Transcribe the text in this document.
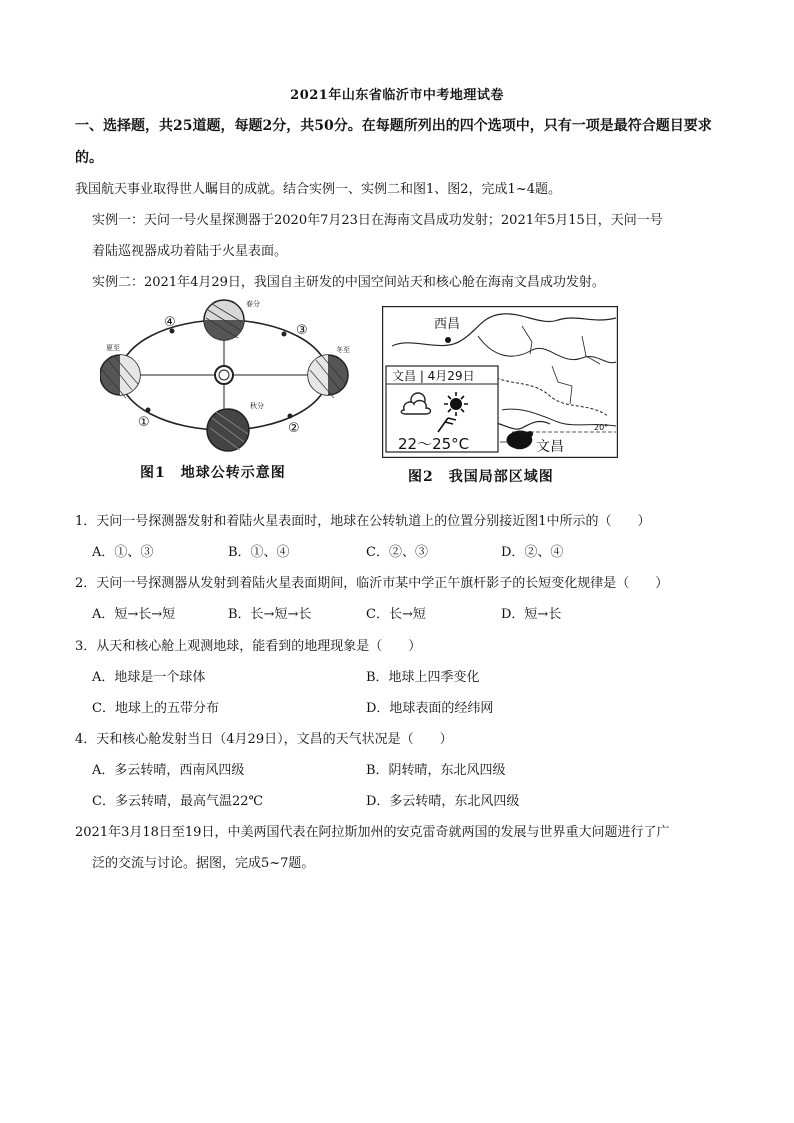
2021年山东省临沂市中考地理试卷
一、选择题，共25道题，每题2分，共50分。在每题所列出的四个选项中，只有一项是最符合题目要求的。
我国航天事业取得世人瞩目的成就。结合实例一、实例二和图1、图2，完成1~4题。
实例一：天问一号火星探测器于2020年7月23日在海南文昌成功发射；2021年5月15日，天问一号
着陆巡视器成功着陆于火星表面。
实例二：2021年4月29日，我国自主研发的中国空间站天和核心舱在海南文昌成功发射。
④
③
①	②
春分
夏至	冬至
秋分
图1　地球公转示意图
20°
西昌
文昌
文昌 | 4月29日
22～25°C
图2　我国局部区域图
1．天问一号探测器发射和着陆火星表面时，地球在公转轨道上的位置分别接近图1中所示的（　　）
A．①、③	B．①、④	C．②、③	D．②、④
2．天问一号探测器从发射到着陆火星表面期间，临沂市某中学正午旗杆影子的长短变化规律是（　　）
A．短→长→短	B．长→短→长	C．长→短	D．短→长
3．从天和核心舱上观测地球，能看到的地理现象是（　　）
A．地球是一个球体	B．地球上四季变化
C．地球上的五带分布	D．地球表面的经纬网
4．天和核心舱发射当日（4月29日），文昌的天气状况是（　　）
A．多云转晴，西南风四级	B．阴转晴，东北风四级
C．多云转晴，最高气温22℃	D．多云转晴，东北风四级
2021年3月18日至19日，中美两国代表在阿拉斯加州的安克雷奇就两国的发展与世界重大问题进行了广
泛的交流与讨论。据图，完成5~7题。
